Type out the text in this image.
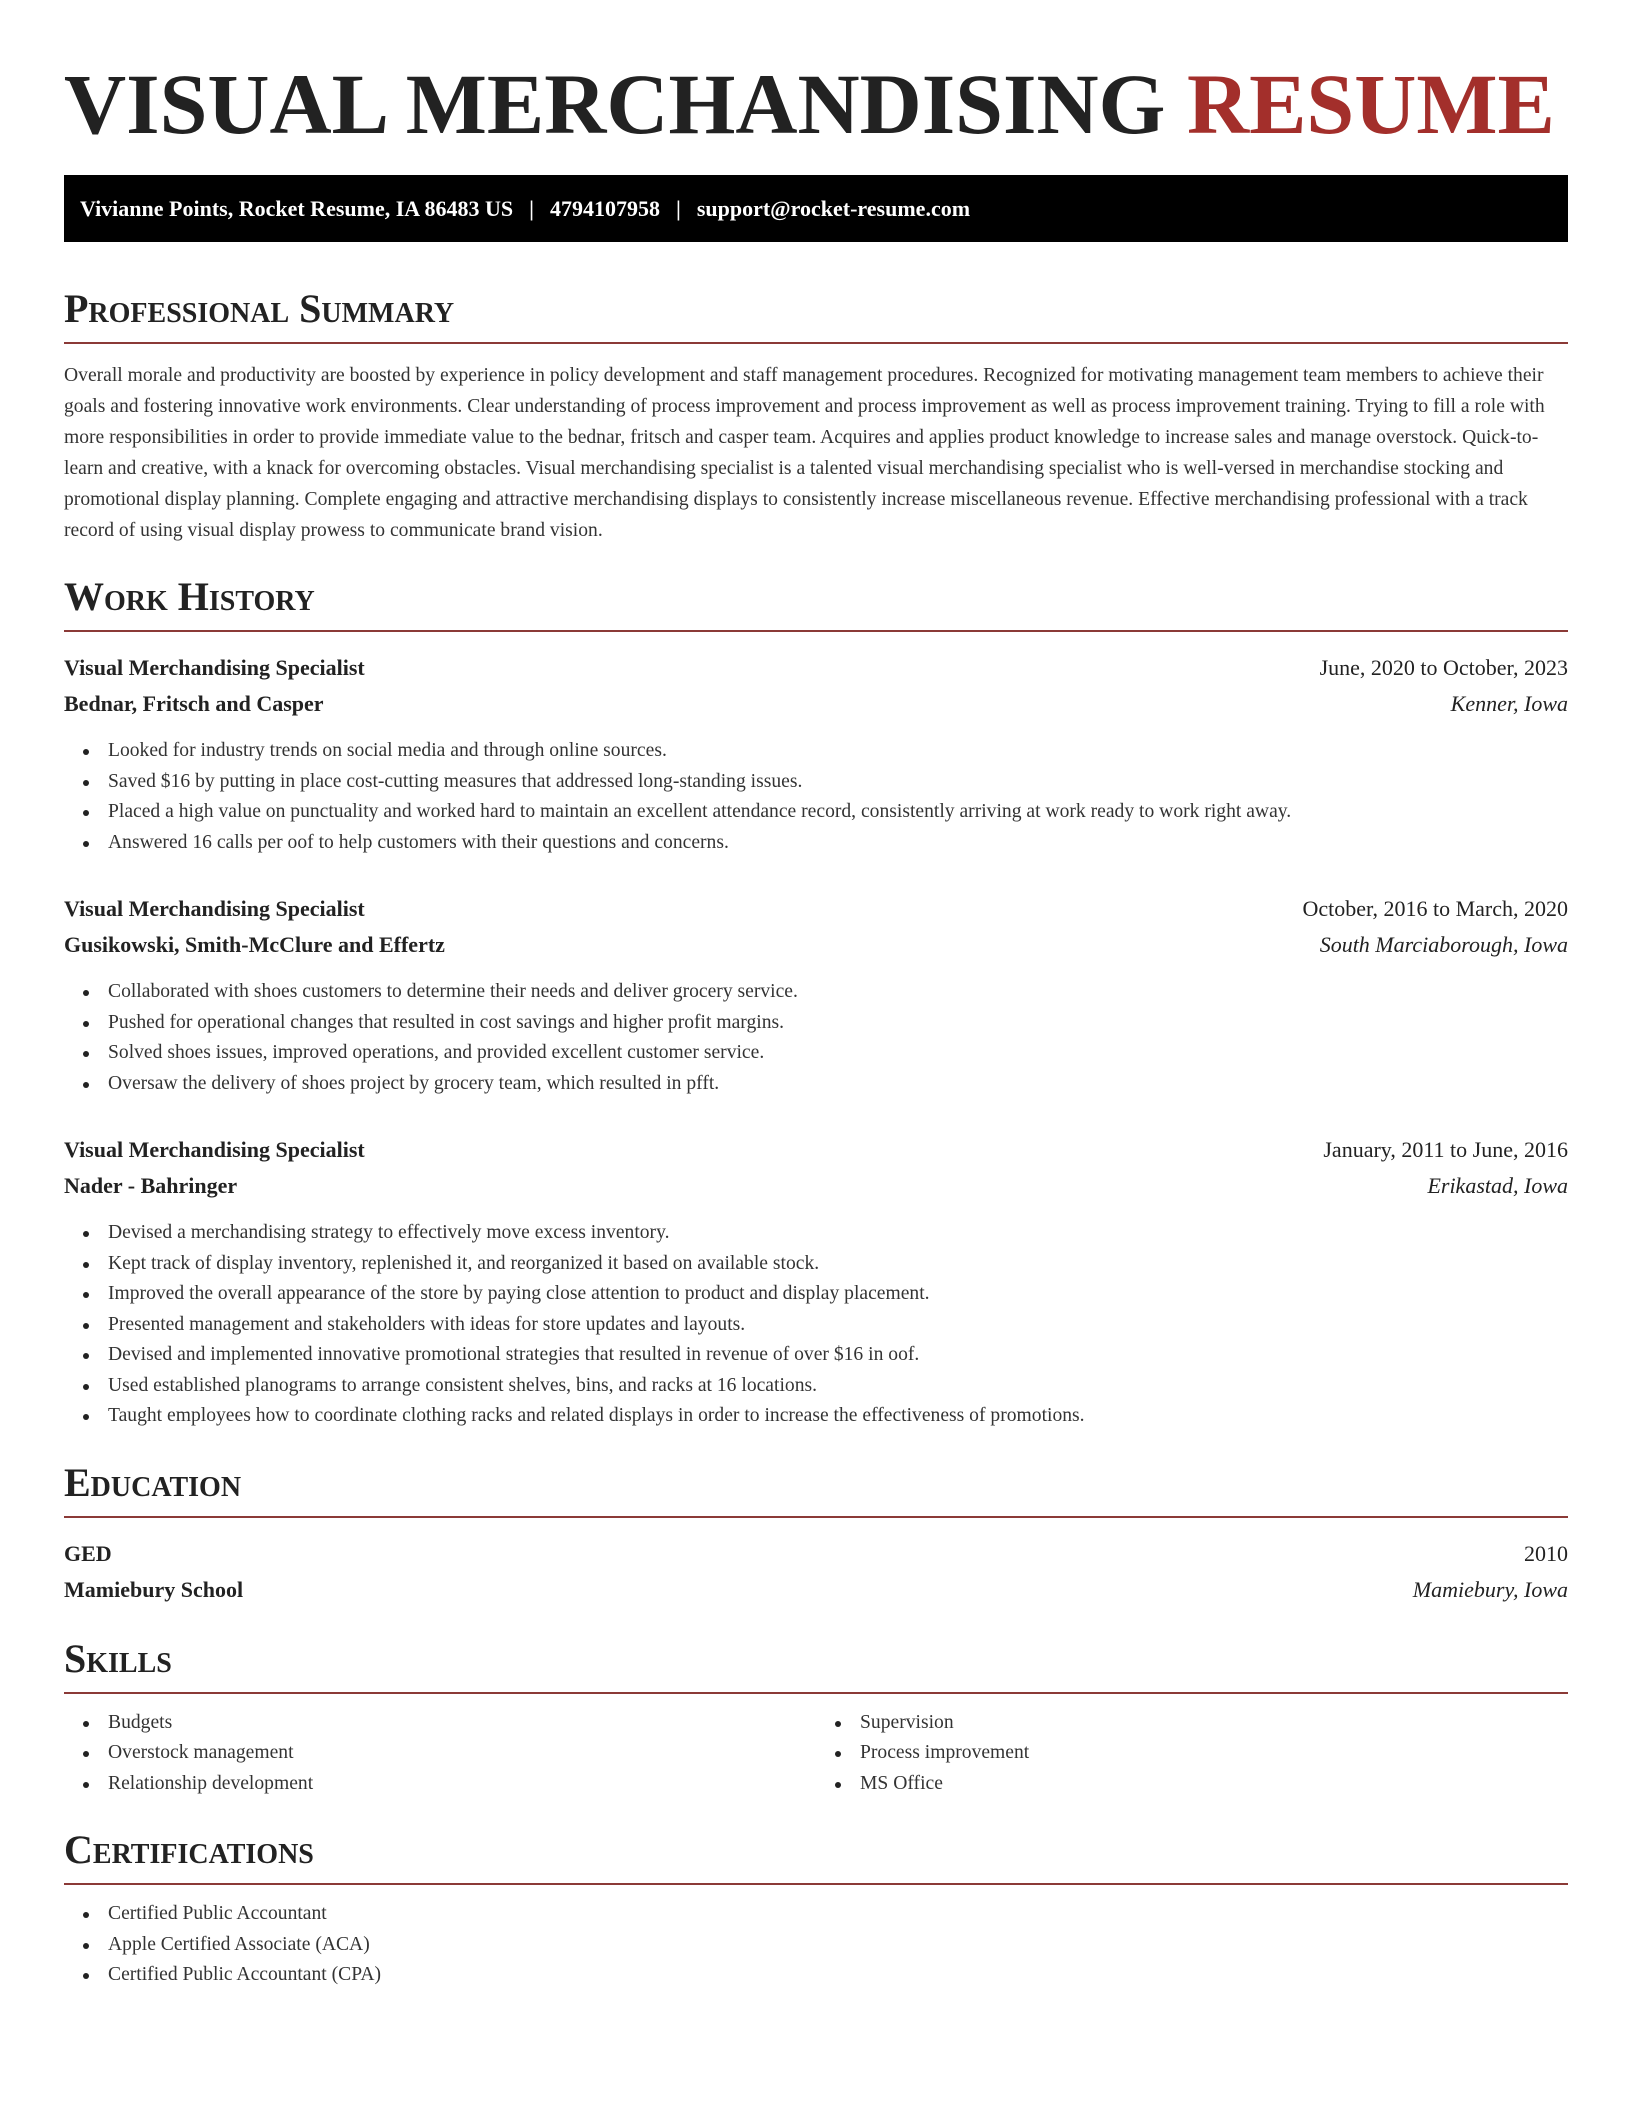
VISUAL MERCHANDISING RESUME
Vivianne Points, Rocket Resume, IA 86483 US | 4794107958 | support@rocket-resume.com
Professional Summary

Overall morale and productivity are boosted by experience in policy development and staff management procedures. Recognized for motivating management team members to achieve their goals and fostering innovative work environments. Clear understanding of process improvement and process improvement as well as process improvement training. Trying to fill a role with more responsibilities in order to provide immediate value to the bednar, fritsch and casper team. Acquires and applies product knowledge to increase sales and manage overstock. Quick-to-learn and creative, with a knack for overcoming obstacles. Visual merchandising specialist is a talented visual merchandising specialist who is well-versed in merchandise stocking and promotional display planning. Complete engaging and attractive merchandising displays to consistently increase miscellaneous revenue. Effective merchandising professional with a track record of using visual display prowess to communicate brand vision.

Work History
Visual Merchandising Specialist	June, 2020 to October, 2023
Bednar, Fritsch and Casper	Kenner, Iowa
Looked for industry trends on social media and through online sources.
Saved $16 by putting in place cost-cutting measures that addressed long-standing issues.
Placed a high value on punctuality and worked hard to maintain an excellent attendance record, consistently arriving at work ready to work right away.
Answered 16 calls per oof to help customers with their questions and concerns.
Visual Merchandising Specialist	October, 2016 to March, 2020
Gusikowski, Smith-McClure and Effertz	South Marciaborough, Iowa
Collaborated with shoes customers to determine their needs and deliver grocery service.
Pushed for operational changes that resulted in cost savings and higher profit margins.
Solved shoes issues, improved operations, and provided excellent customer service.
Oversaw the delivery of shoes project by grocery team, which resulted in pfft.
Visual Merchandising Specialist	January, 2011 to June, 2016
Nader - Bahringer	Erikastad, Iowa
Devised a merchandising strategy to effectively move excess inventory.
Kept track of display inventory, replenished it, and reorganized it based on available stock.
Improved the overall appearance of the store by paying close attention to product and display placement.
Presented management and stakeholders with ideas for store updates and layouts.
Devised and implemented innovative promotional strategies that resulted in revenue of over $16 in oof.
Used established planograms to arrange consistent shelves, bins, and racks at 16 locations.
Taught employees how to coordinate clothing racks and related displays in order to increase the effectiveness of promotions.
Education
GED	2010
Mamiebury School	Mamiebury, Iowa
Skills
Budgets
Overstock management
Relationship development
Supervision
Process improvement
MS Office
Certifications
Certified Public Accountant
Apple Certified Associate (ACA)
Certified Public Accountant (CPA)
